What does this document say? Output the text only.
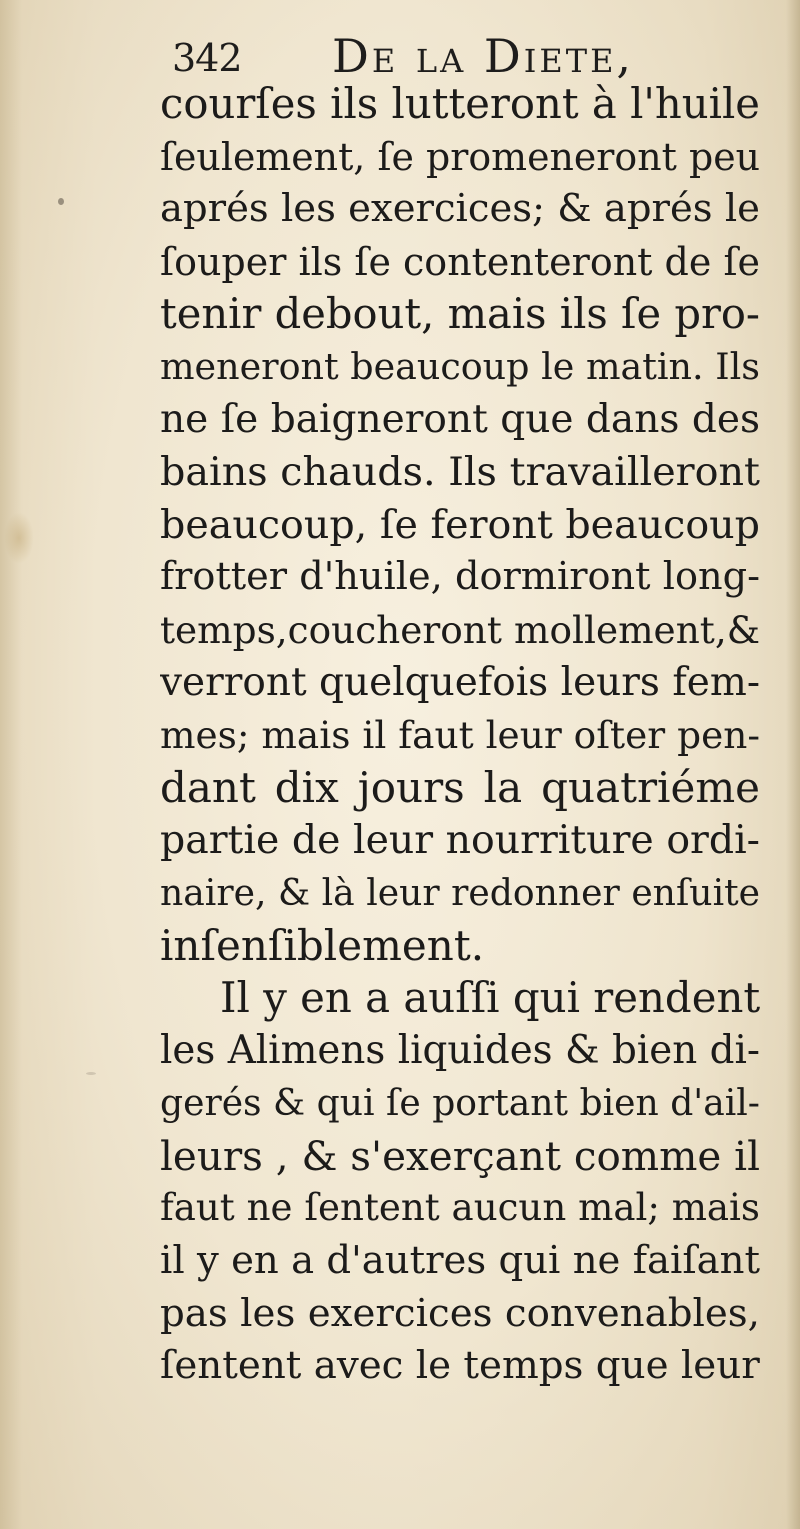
342 De la Diete,
courſes ils lutteront à l'huile
ſeulement, ſe promeneront peu
aprés les exercices; & aprés le
ſouper ils ſe contenteront de ſe
tenir debout, mais ils ſe pro-
meneront beaucoup le matin. Ils
ne ſe baigneront que dans des
bains chauds. Ils travailleront
beaucoup, ſe feront beaucoup
frotter d'huile, dormiront long-
temps,coucheront mollement,&
verront quelquefois leurs fem-
mes; mais il faut leur oſter pen-
dant dix jours la quatriéme
partie de leur nourriture ordi-
naire, & là leur redonner enſuite
inſenſiblement.
Il y en a auſſi qui rendent
les Alimens liquides & bien di-
gerés & qui ſe portant bien d'ail-
leurs , & s'exerçant comme il
faut ne ſentent aucun mal; mais
il y en a d'autres qui ne faiſant
pas les exercices convenables,
ſentent avec le temps que leur
